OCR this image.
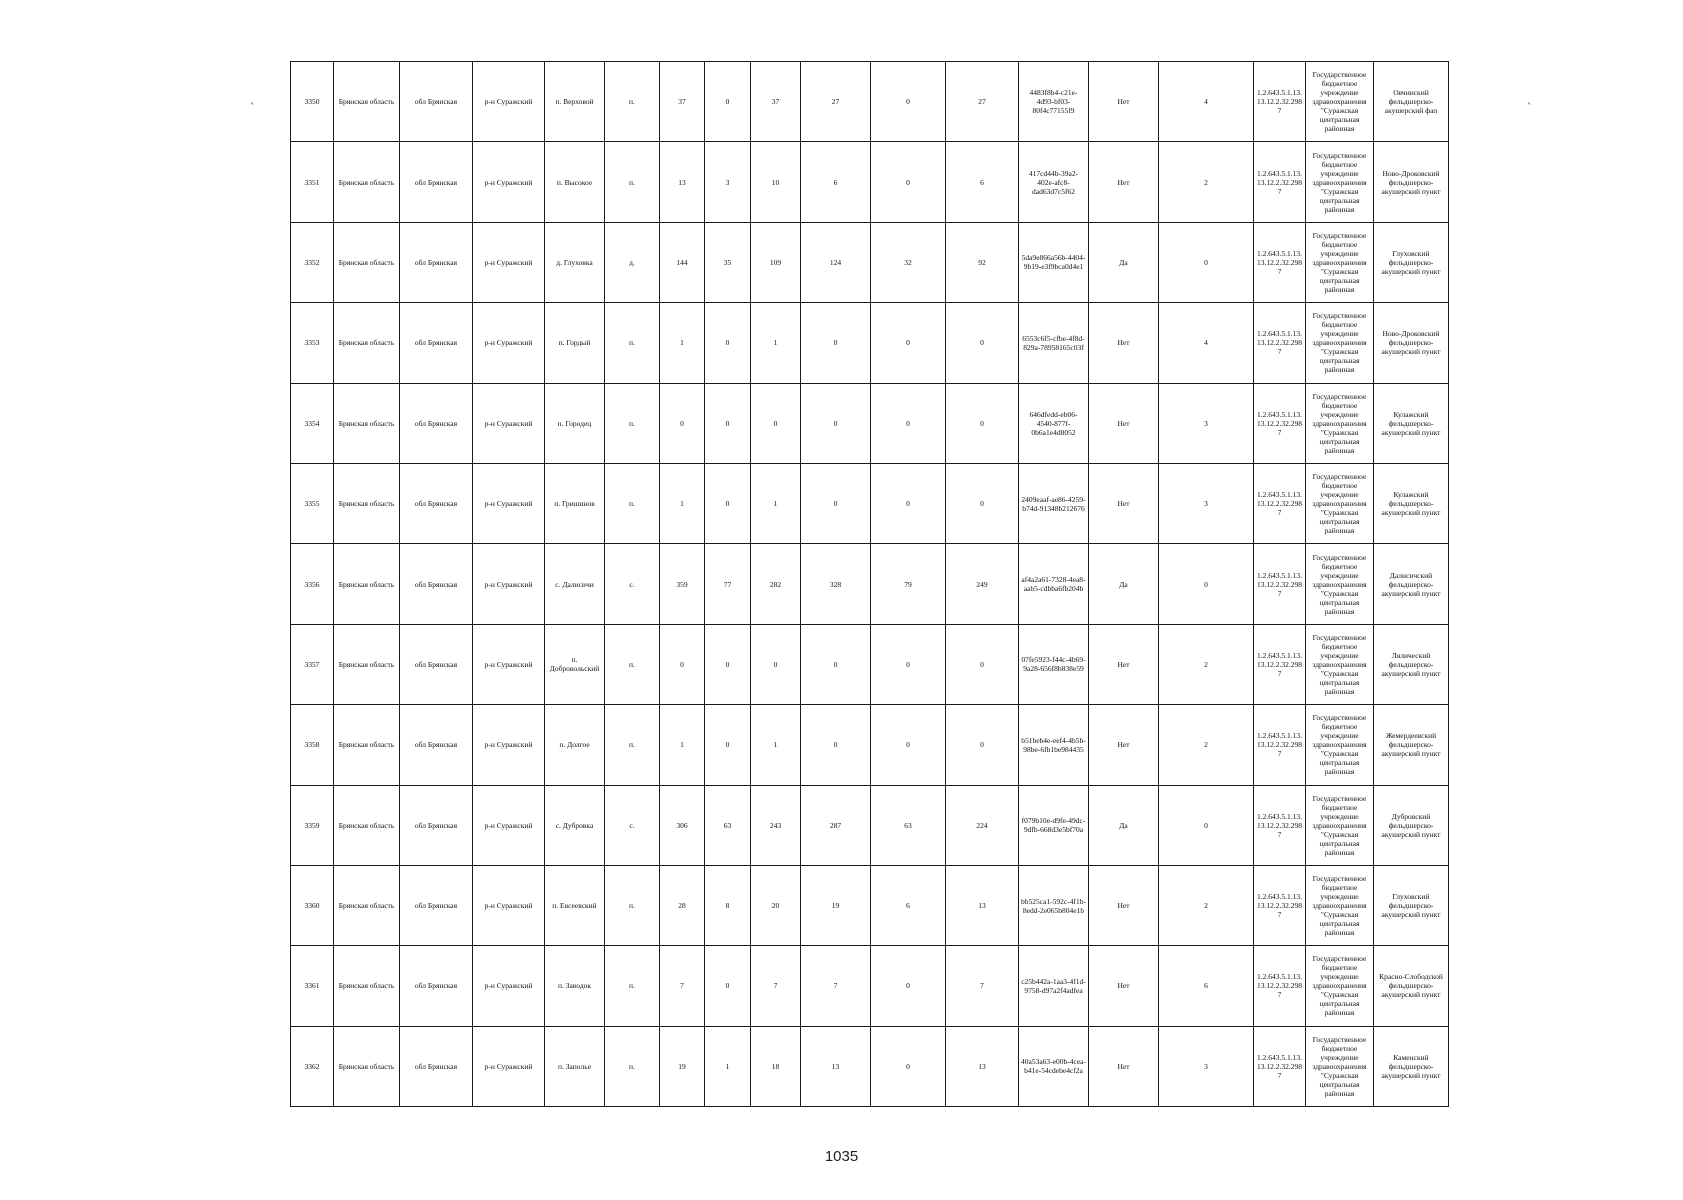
ˎ	ˎ
3350	Брянская область	обл Брянская	р-н Суражский	п. Верховой	п.	37	0	37	27	0	27	4483f8b4-c21e-4d93-bf03-80f4c77155f9	Нет	4	1.2.643.5.1.13.13.12.2.32.2987	Государственное бюджетное учреждение здравоохранения "Суражская центральная районная	Овчинский фельдшерско-акушерский фап
3351	Брянская область	обл Брянская	р-н Суражский	п. Высокое	п.	13	3	10	6	0	6	417cd44b-39a2-402e-afc8-dad63d7c5f62	Нет	2	1.2.643.5.1.13.13.12.2.32.2987	Государственное бюджетное учреждение здравоохранения "Суражская центральная районная	Ново-Дроковский фельдшерско-акушерский пункт
3352	Брянская область	обл Брянская	р-н Суражский	д. Глуховка	д.	144	35	109	124	32	92	5da9e866a56b-4404-9b19-e3f9bca0d4e1	Да	0	1.2.643.5.1.13.13.12.2.32.2987	Государственное бюджетное учреждение здравоохранения "Суражская центральная районная	Глуховский фельдшерско-акушерский пункт
3353	Брянская область	обл Брянская	р-н Суражский	п. Гордый	п.	1	0	1	0	0	0	6553c6f5-cfbe-4f8d-829a-78958165c03f	Нет	4	1.2.643.5.1.13.13.12.2.32.2987	Государственное бюджетное учреждение здравоохранения "Суражская центральная районная	Ново-Дроковский фельдшерско-акушерский пункт
3354	Брянская область	обл Брянская	р-н Суражский	п. Городец	п.	0	0	0	0	0	0	646dfedd-eb06-4540-877f-0b6a1e4d8052	Нет	3	1.2.643.5.1.13.13.12.2.32.2987	Государственное бюджетное учреждение здравоохранения "Суражская центральная районная	Кулажский фельдшерско-акушерский пункт
3355	Брянская область	обл Брянская	р-н Суражский	п. Гришинов	п.	1	0	1	0	0	0	2409eaaf-ae86-4259-b74d-91348b212676	Нет	3	1.2.643.5.1.13.13.12.2.32.2987	Государственное бюджетное учреждение здравоохранения "Суражская центральная районная	Кулажский фельдшерско-акушерский пункт
3356	Брянская область	обл Брянская	р-н Суражский	с. Далисичи	с.	359	77	282	328	79	249	af4a2a61-7328-4ea8-aab5-cdbba6fb204b	Да	0	1.2.643.5.1.13.13.12.2.32.2987	Государственное бюджетное учреждение здравоохранения "Суражская центральная районная	Далисичский фельдшерско-акушерский пункт
3357	Брянская область	обл Брянская	р-н Суражский	п. Добровольский	п.	0	0	0	0	0	0	07fe5923-f44c-4b69-9a28-656f8b838e59	Нет	2	1.2.643.5.1.13.13.12.2.32.2987	Государственное бюджетное учреждение здравоохранения "Суражская центральная районная	Лялический фельдшерско-акушерский пункт
3358	Брянская область	обл Брянская	р-н Суражский	п. Долгое	п.	1	0	1	0	0	0	b51beb4e-eef4-4b5b-98be-6fb1be984435	Нет	2	1.2.643.5.1.13.13.12.2.32.2987	Государственное бюджетное учреждение здравоохранения "Суражская центральная районная	Жемердеевский фельдшерско-акушерский пункт
3359	Брянская область	обл Брянская	р-н Суражский	с. Дубровка	с.	306	63	243	287	63	224	f079b10e-d9fe-49dc-9dfb-668d3e5bf70a	Да	0	1.2.643.5.1.13.13.12.2.32.2987	Государственное бюджетное учреждение здравоохранения "Суражская центральная районная	Дубровский фельдшерско-акушерский пункт
3360	Брянская область	обл Брянская	р-н Суражский	п. Евсеевский	п.	28	8	20	19	6	13	bb525ca1-592c-4f1b-8edd-2e065b804e1b	Нет	2	1.2.643.5.1.13.13.12.2.32.2987	Государственное бюджетное учреждение здравоохранения "Суражская центральная районная	Глуховский фельдшерско-акушерский пункт
3361	Брянская область	обл Брянская	р-н Суражский	п. Заводок	п.	7	0	7	7	0	7	c25b442a-1aa3-4f1d-9758-d97a2f4adfea	Нет	6	1.2.643.5.1.13.13.12.2.32.2987	Государственное бюджетное учреждение здравоохранения "Суражская центральная районная	Красно-Слободской фельдшерско-акушерский пункт
3362	Брянская область	обл Брянская	р-н Суражский	п. Заполье	п.	19	1	18	13	0	13	40a53a63-e00b-4cea-b41e-54cdebe4cf2a	Нет	3	1.2.643.5.1.13.13.12.2.32.2987	Государственное бюджетное учреждение здравоохранения "Суражская центральная районная	Каменский фельдшерско-акушерский пункт
1035
